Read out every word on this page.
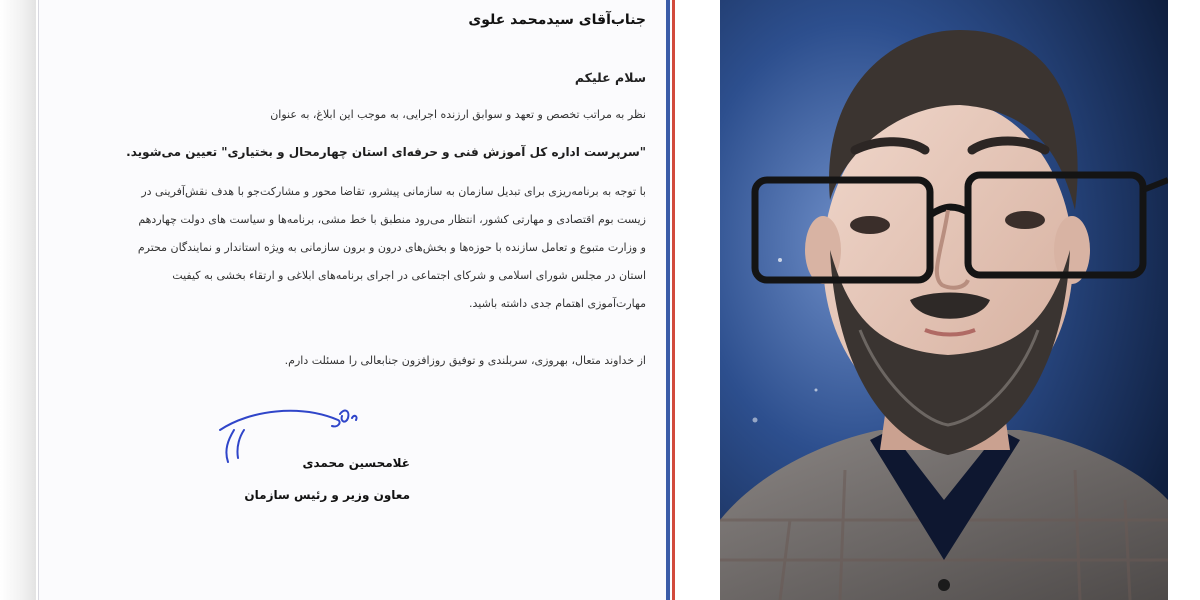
جناب‌آقای سیدمحمد علوی
سلام علیکم
نظر به مراتب تخصص و تعهد و سوابق ارزنده اجرایی، به موجب این ابلاغ، به عنوان
"سرپرست اداره کل آموزش فنی و حرفه‌ای استان چهارمحال و بختیاری" تعیین می‌شوید.
با توجه به برنامه‌ریزی برای تبدیل سازمان به سازمانی پیشرو، تقاضا محور و مشارکت‌جو با هدف نقش‌آفرینی در
زیست بوم اقتصادی و مهارتی کشور، انتظار می‌رود منطبق با خط مشی، برنامه‌ها و سیاست های دولت چهاردهم
و وزارت متبوع و تعامل سازنده با حوزه‌ها و بخش‌های درون و برون سازمانی به ویژه استاندار و نمایندگان محترم
استان در مجلس شورای اسلامی و شرکای اجتماعی در اجرای برنامه‌های ابلاغی و ارتقاء بخشی به کیفیت
مهارت‌آموزی اهتمام جدی داشته باشید.
از خداوند متعال، بهروزی، سربلندی و توفیق روزافزون جنابعالی را مسئلت دارم.
غلامحسین محمدی
معاون وزیر و رئیس سازمان
